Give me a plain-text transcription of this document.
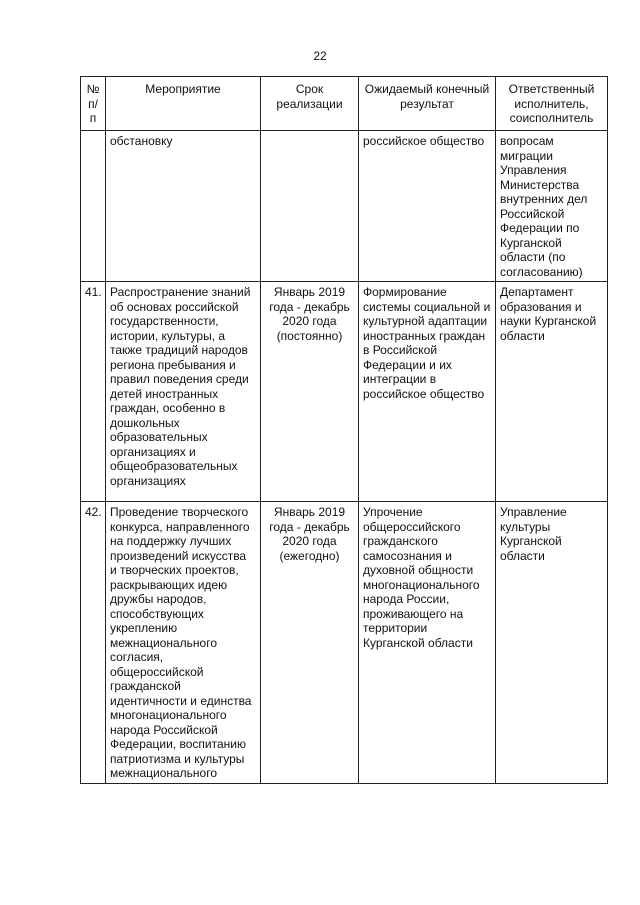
22
№ п/п	Мероприятие	Срок реализации	Ожидаемый конечный результат	Ответственный исполнитель, соисполнитель
	обстановку		российское общество	вопросам миграции Управления Министерства внутренних дел Российской Федерации по Курганской области (по согласованию)
41.	Распространение знаний об основах российской государственности, истории, культуры, а также традиций народов региона пребывания и правил поведения среди детей иностранных граждан, особенно в дошкольных образовательных организациях и общеобразовательных организациях	Январь 2019 года - декабрь 2020 года (постоянно)	Формирование системы социальной и культурной адаптации иностранных граждан в Российской Федерации и их интеграции в российское общество	Департамент образования и науки Курганской области
42.	Проведение творческого конкурса, направленного на поддержку лучших произведений искусства и творческих проектов, раскрывающих идею дружбы народов, способствующих укреплению межнационального согласия, общероссийской гражданской идентичности и единства многонационального народа Российской Федерации, воспитанию патриотизма и культуры межнационального	Январь 2019 года - декабрь 2020 года (ежегодно)	Упрочение общероссийского гражданского самосознания и духовной общности многонационального народа России, проживающего на территории Курганской области	Управление культуры Курганской области
